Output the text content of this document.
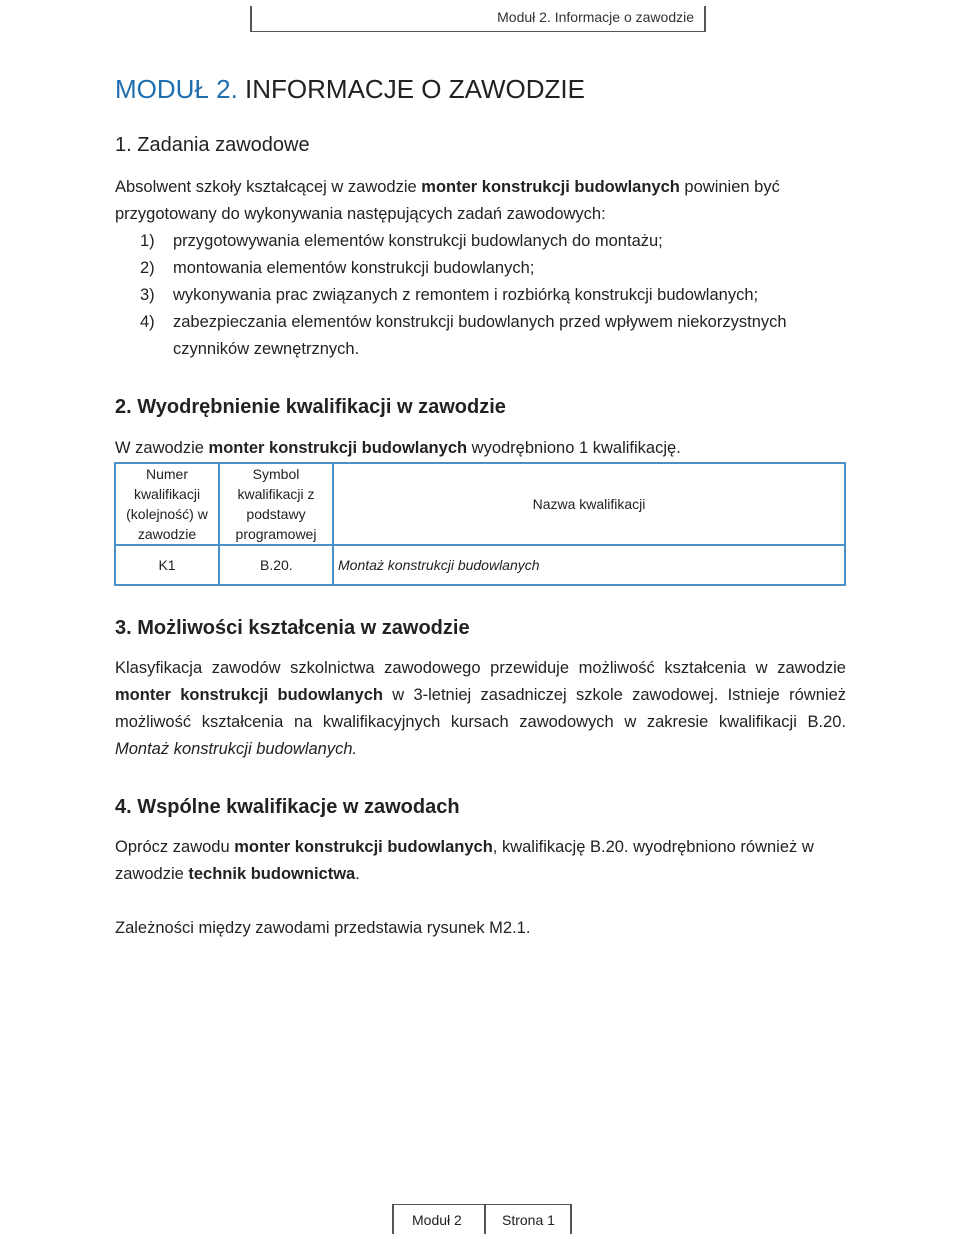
Moduł 2. Informacje o zawodzie
MODUŁ 2. INFORMACJE O ZAWODZIE
1. Zadania zawodowe

Absolwent szkoły kształcącej w zawodzie monter konstrukcji budowlanych powinien być przygotowany do wykonywania następujących zadań zawodowych:

1) przygotowywania elementów konstrukcji budowlanych do montażu;
2) montowania elementów konstrukcji budowlanych;
3) wykonywania prac związanych z remontem i rozbiórką konstrukcji budowlanych;
4) zabezpieczania elementów konstrukcji budowlanych przed wpływem niekorzystnych czynników zewnętrznych.
2. Wyodrębnienie kwalifikacji w zawodzie

W zawodzie monter konstrukcji budowlanych wyodrębniono 1 kwalifikację.

Numer kwalifikacji (kolejność) w zawodzie	Symbol kwalifikacji z podstawy programowej	Nazwa kwalifikacji
K1	B.20.	Montaż konstrukcji budowlanych
3. Możliwości kształcenia w zawodzie

Klasyfikacja zawodów szkolnictwa zawodowego przewiduje możliwość kształcenia w zawodzie monter konstrukcji budowlanych w 3-letniej zasadniczej szkole zawodowej. Istnieje również możliwość kształcenia na kwalifikacyjnych kursach zawodowych w zakresie kwalifikacji B.20. Montaż konstrukcji budowlanych.

4. Wspólne kwalifikacje w zawodach

Oprócz zawodu monter konstrukcji budowlanych, kwalifikację B.20. wyodrębniono również w zawodzie technik budownictwa.

Zależności między zawodami przedstawia rysunek M2.1.

Moduł 2	Strona 1
